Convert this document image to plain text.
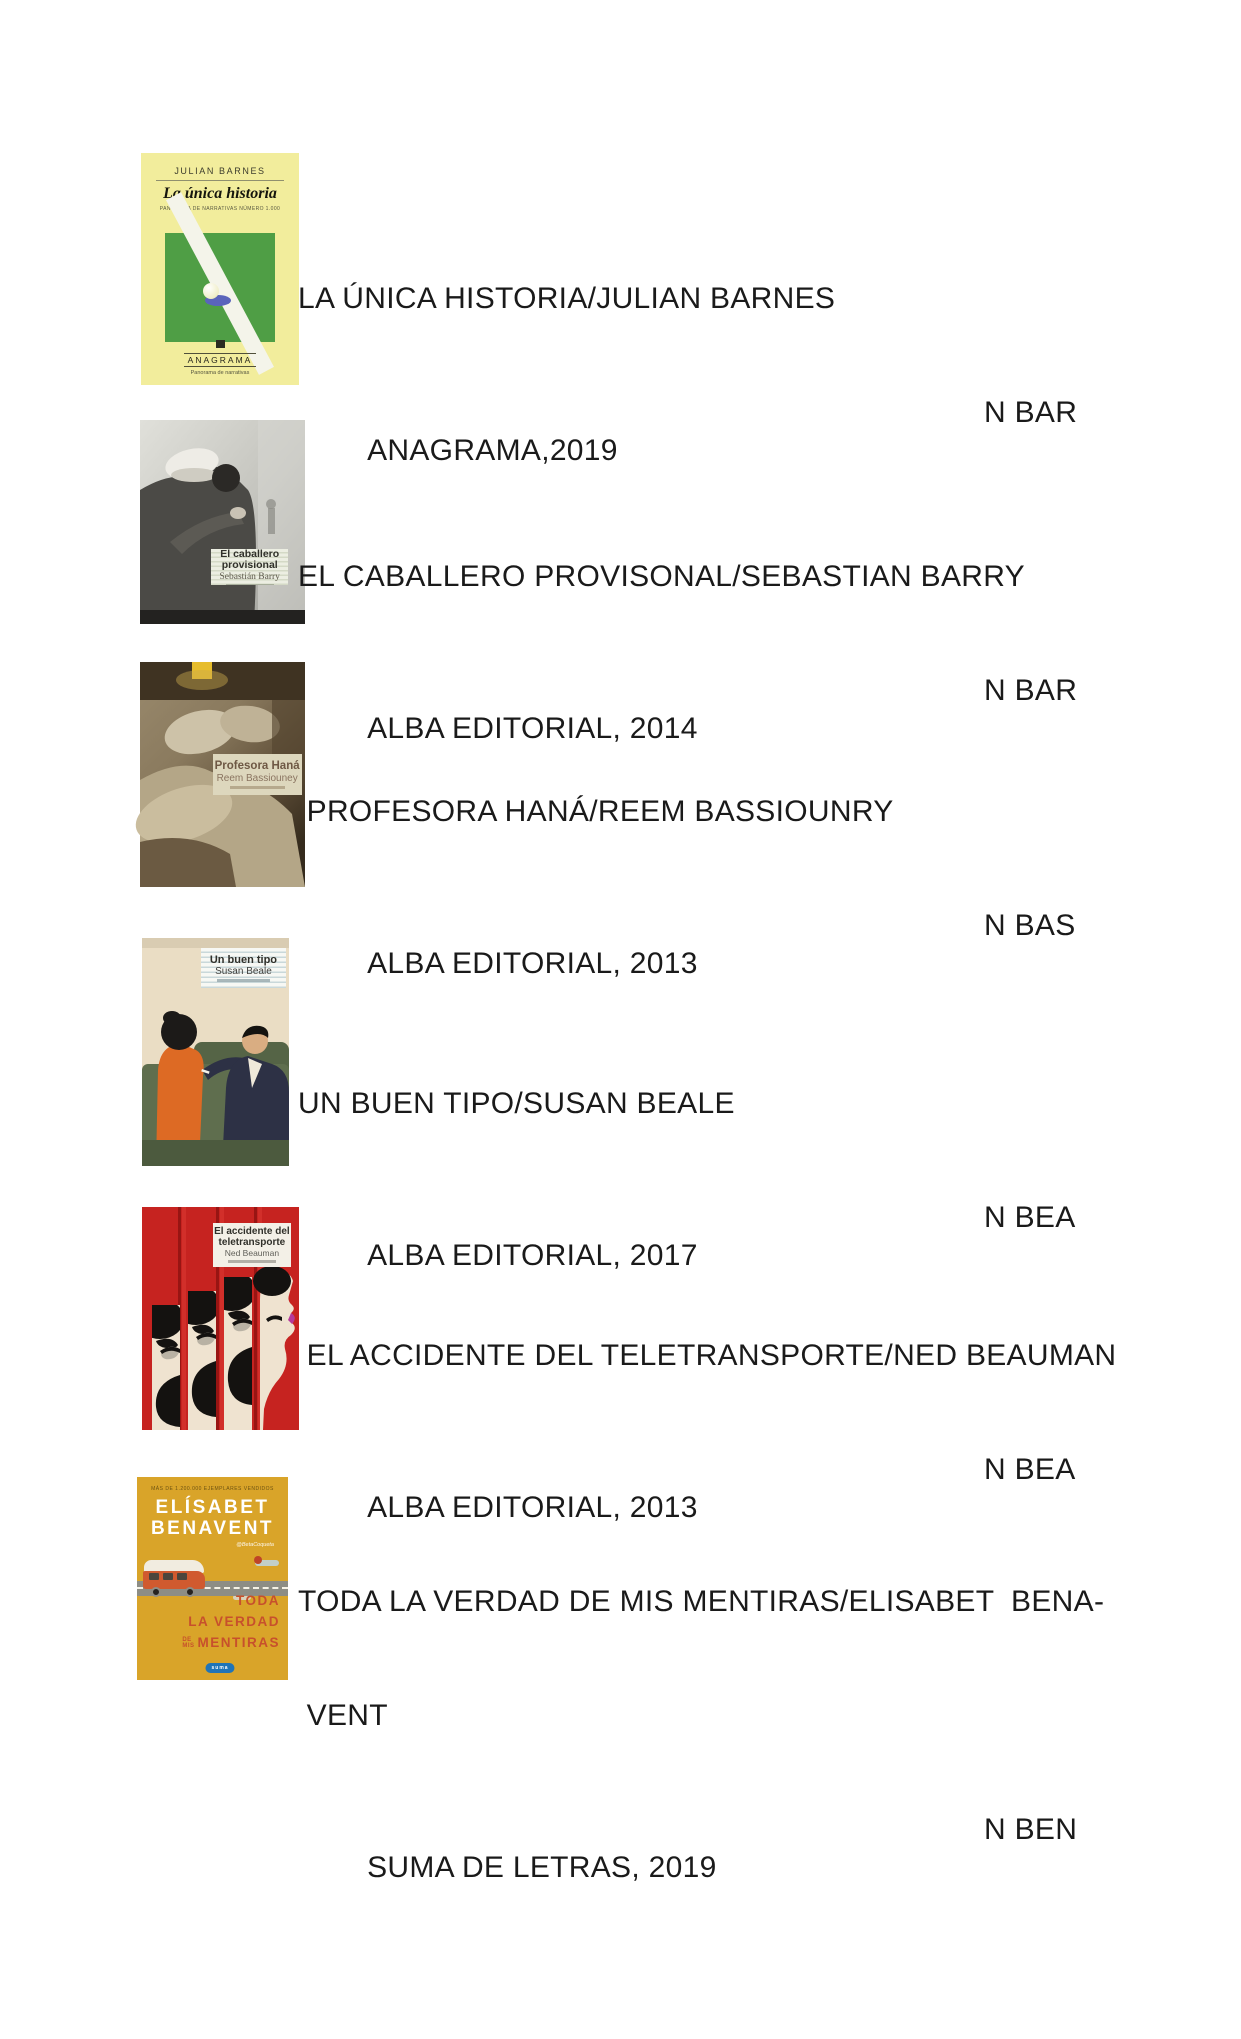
JULIAN BARNES
La única historia
PANORAMA DE NARRATIVAS NÚMERO 1.000
ANAGRAMA
Panorama de narrativas

LA ÚNICA HISTORIA/JULIAN BARNES

ANAGRAMA,2019

N BAR

El caballero
provisional
Sebastián Barry

EL CABALLERO PROVISONAL/SEBASTIAN BARRY

ALBA EDITORIAL, 2014

N BAR

Profesora Haná
Reem Bassiouney

PROFESORA HANÁ/REEM BASSIOUNRY

ALBA EDITORIAL, 2013

N BAS

Un buen tipo
Susan Beale

UN BUEN TIPO/SUSAN BEALE

ALBA EDITORIAL, 2017

N BEA

El accidente del
teletransporte
Ned Beauman

EL ACCIDENTE DEL TELETRANSPORTE/NED BEAUMAN

ALBA EDITORIAL, 2013

N BEA

MÁS DE 1.200.000 EJEMPLARES VENDIDOS
ELÍSABET
BENAVENT
@BetaCoqueta
TODA
LA VERDAD
DE
MIS MENTIRAS
suma

TODA LA VERDAD DE MIS MENTIRAS/ELISABET  BENA-

VENT

SUMA DE LETRAS, 2019

N BEN
